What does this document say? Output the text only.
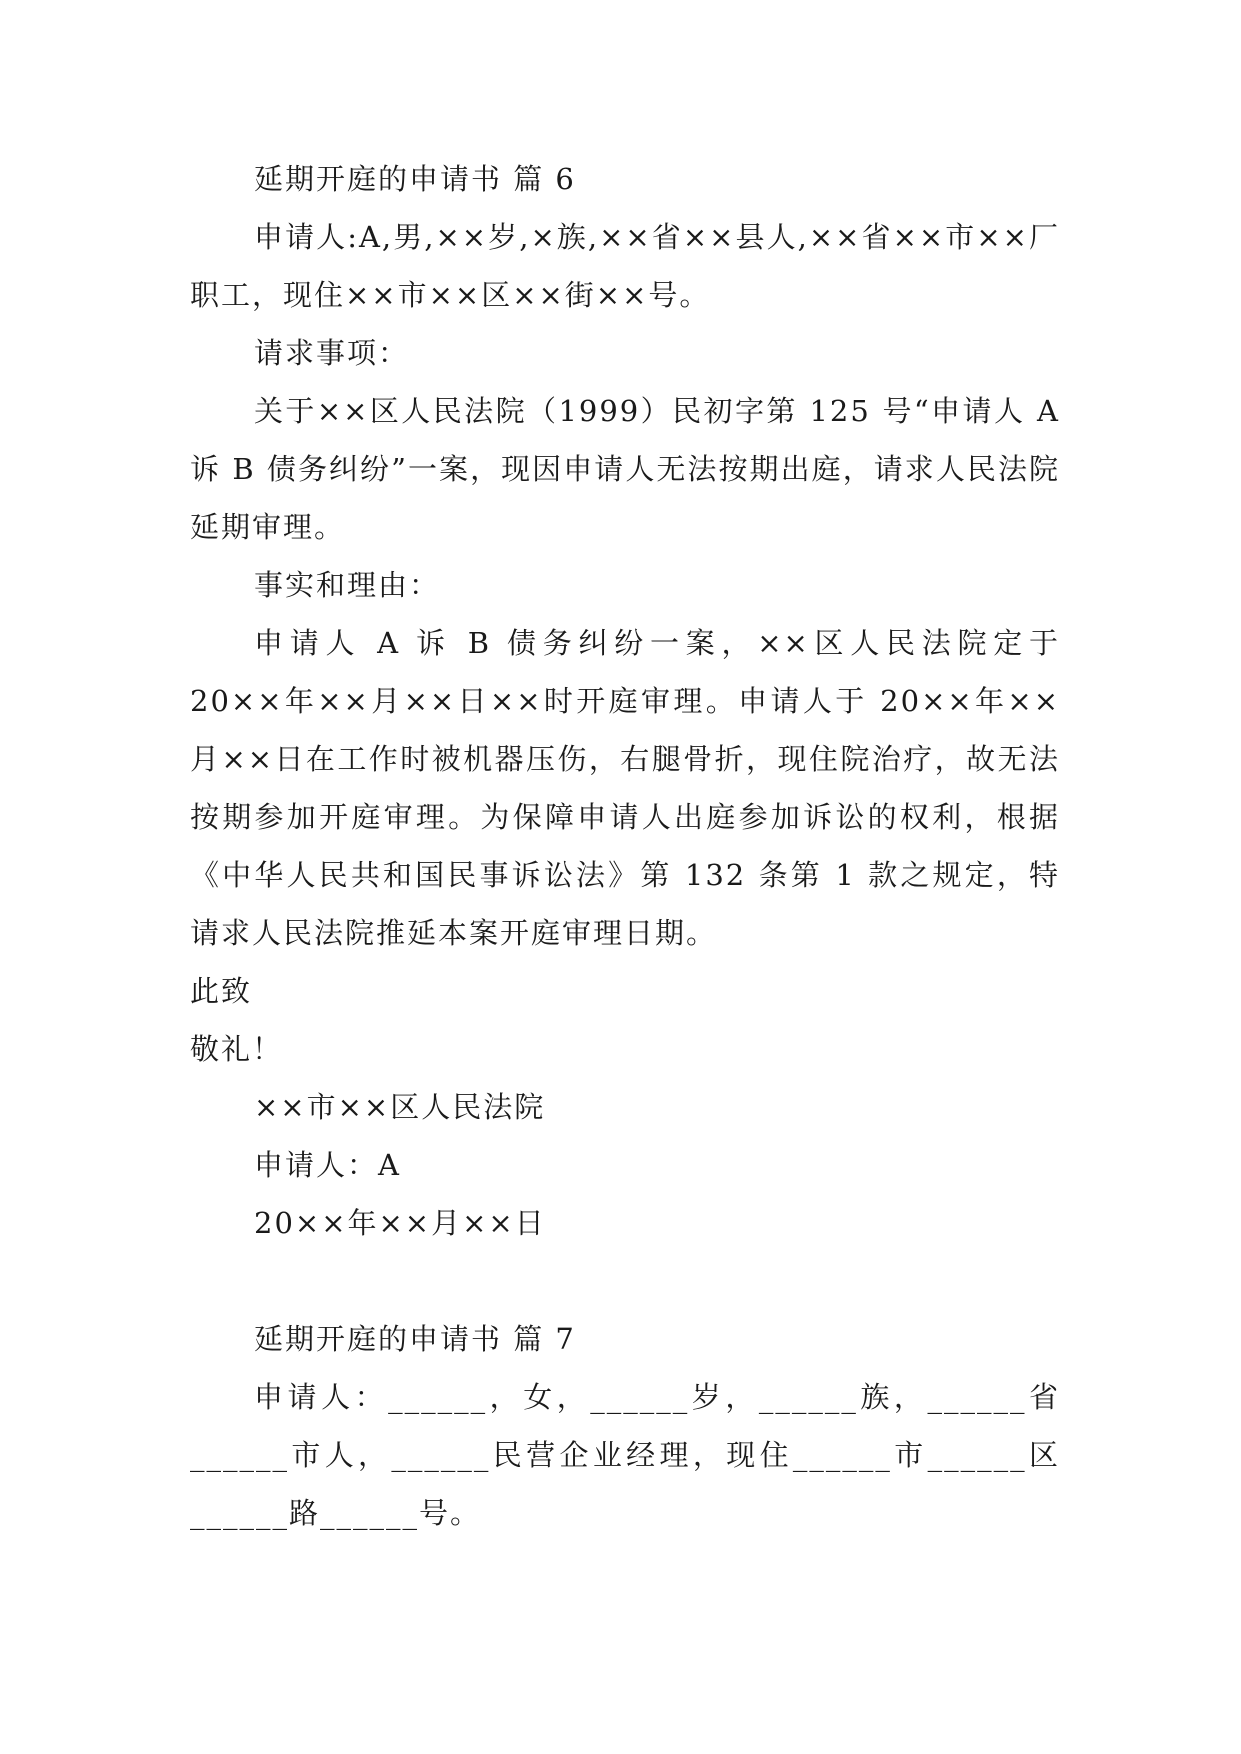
延期开庭的申请书 篇 6

申请人:A,男,××岁,×族,××省××县人,××省××市××厂职工，现住××市××区××街××号。

请求事项：

关于××区人民法院（1999）民初字第 125 号“申请人 A 诉 B 债务纠纷”一案，现因申请人无法按期出庭，请求人民法院延期审理。

事实和理由：

申请人 A 诉 B 债务纠纷一案，××区人民法院定于 20××年××月××日××时开庭审理。申请人于 20××年××月××日在工作时被机器压伤，右腿骨折，现住院治疗，故无法按期参加开庭审理。为保障申请人出庭参加诉讼的权利，根据《中华人民共和国民事诉讼法》第 132 条第 1 款之规定，特请求人民法院推延本案开庭审理日期。

此致
敬礼！
××市××区人民法院
申请人：A
20××年××月××日
延期开庭的申请书 篇 7

申请人：______，女，______岁，______族，______省______市人，______民营企业经理，现住______市______区______路______号。
